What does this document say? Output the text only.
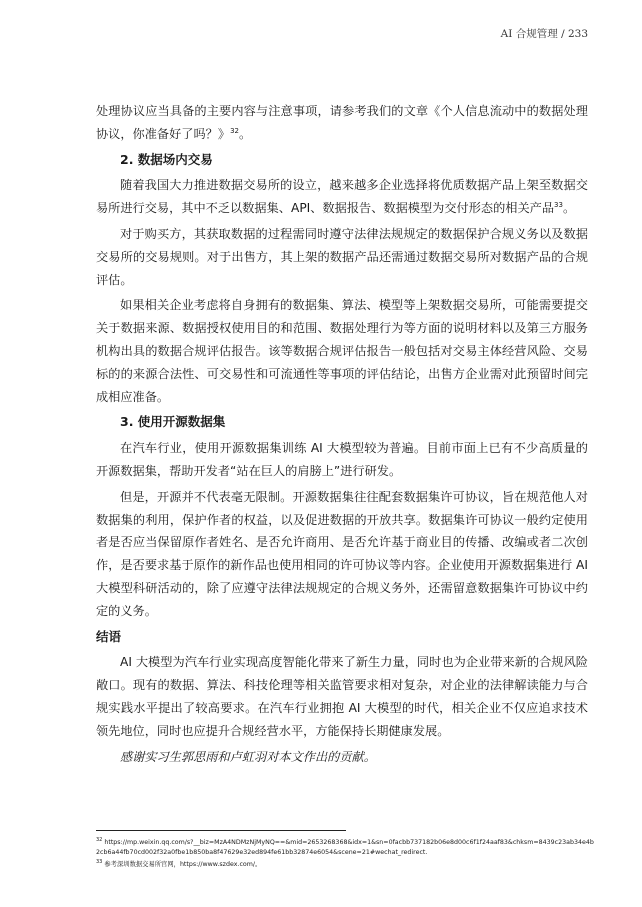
AI 合规管理 / 233

处理协议应当具备的主要内容与注意事项，请参考我们的文章《个人信息流动中的数据处理协议，你准备好了吗？》$^{32}$。

2. 数据场内交易

随着我国大力推进数据交易所的设立，越来越多企业选择将优质数据产品上架至数据交易所进行交易，其中不乏以数据集、API、数据报告、数据模型为交付形态的相关产品$^{33}$。

对于购买方，其获取数据的过程需同时遵守法律法规规定的数据保护合规义务以及数据交易所的交易规则。对于出售方，其上架的数据产品还需通过数据交易所对数据产品的合规评估。

如果相关企业考虑将自身拥有的数据集、算法、模型等上架数据交易所，可能需要提交关于数据来源、数据授权使用目的和范围、数据处理行为等方面的说明材料以及第三方服务机构出具的数据合规评估报告。该等数据合规评估报告一般包括对交易主体经营风险、交易标的的来源合法性、可交易性和可流通性等事项的评估结论，出售方企业需对此预留时间完成相应准备。

3. 使用开源数据集

在汽车行业，使用开源数据集训练 AI 大模型较为普遍。目前市面上已有不少高质量的开源数据集，帮助开发者“站在巨人的肩膀上”进行研发。

但是，开源并不代表毫无限制。开源数据集往往配套数据集许可协议，旨在规范他人对数据集的利用，保护作者的权益，以及促进数据的开放共享。数据集许可协议一般约定使用者是否应当保留原作者姓名、是否允许商用、是否允许基于商业目的传播、改编或者二次创作，是否要求基于原作的新作品也使用相同的许可协议等内容。企业使用开源数据集进行 AI 大模型科研活动的，除了应遵守法律法规规定的合规义务外，还需留意数据集许可协议中约定的义务。

结语

AI 大模型为汽车行业实现高度智能化带来了新生力量，同时也为企业带来新的合规风险敞口。现有的数据、算法、科技伦理等相关监管要求相对复杂，对企业的法律解读能力与合规实践水平提出了较高要求。在汽车行业拥抱 AI 大模型的时代，相关企业不仅应追求技术领先地位，同时也应提升合规经营水平，方能保持长期健康发展。

感谢实习生郭思雨和卢虹羽对本文作出的贡献。

$^{32}$ https://mp.weixin.qq.com/s?__biz=MzA4NDMzNjMyNQ==&mid=2653268368&idx=1&sn=0facbb737182b06e8d00c6f1f24aaf83&chksm=8439c23ab34e4b2cb6a44fb70cd002f32a0fbe1b850ba8f47629e32ed894fe61bb32874e6054&scene=21#wechat_redirect.
$^{33}$ 参考深圳数据交易所官网，https://www.szdex.com/。
